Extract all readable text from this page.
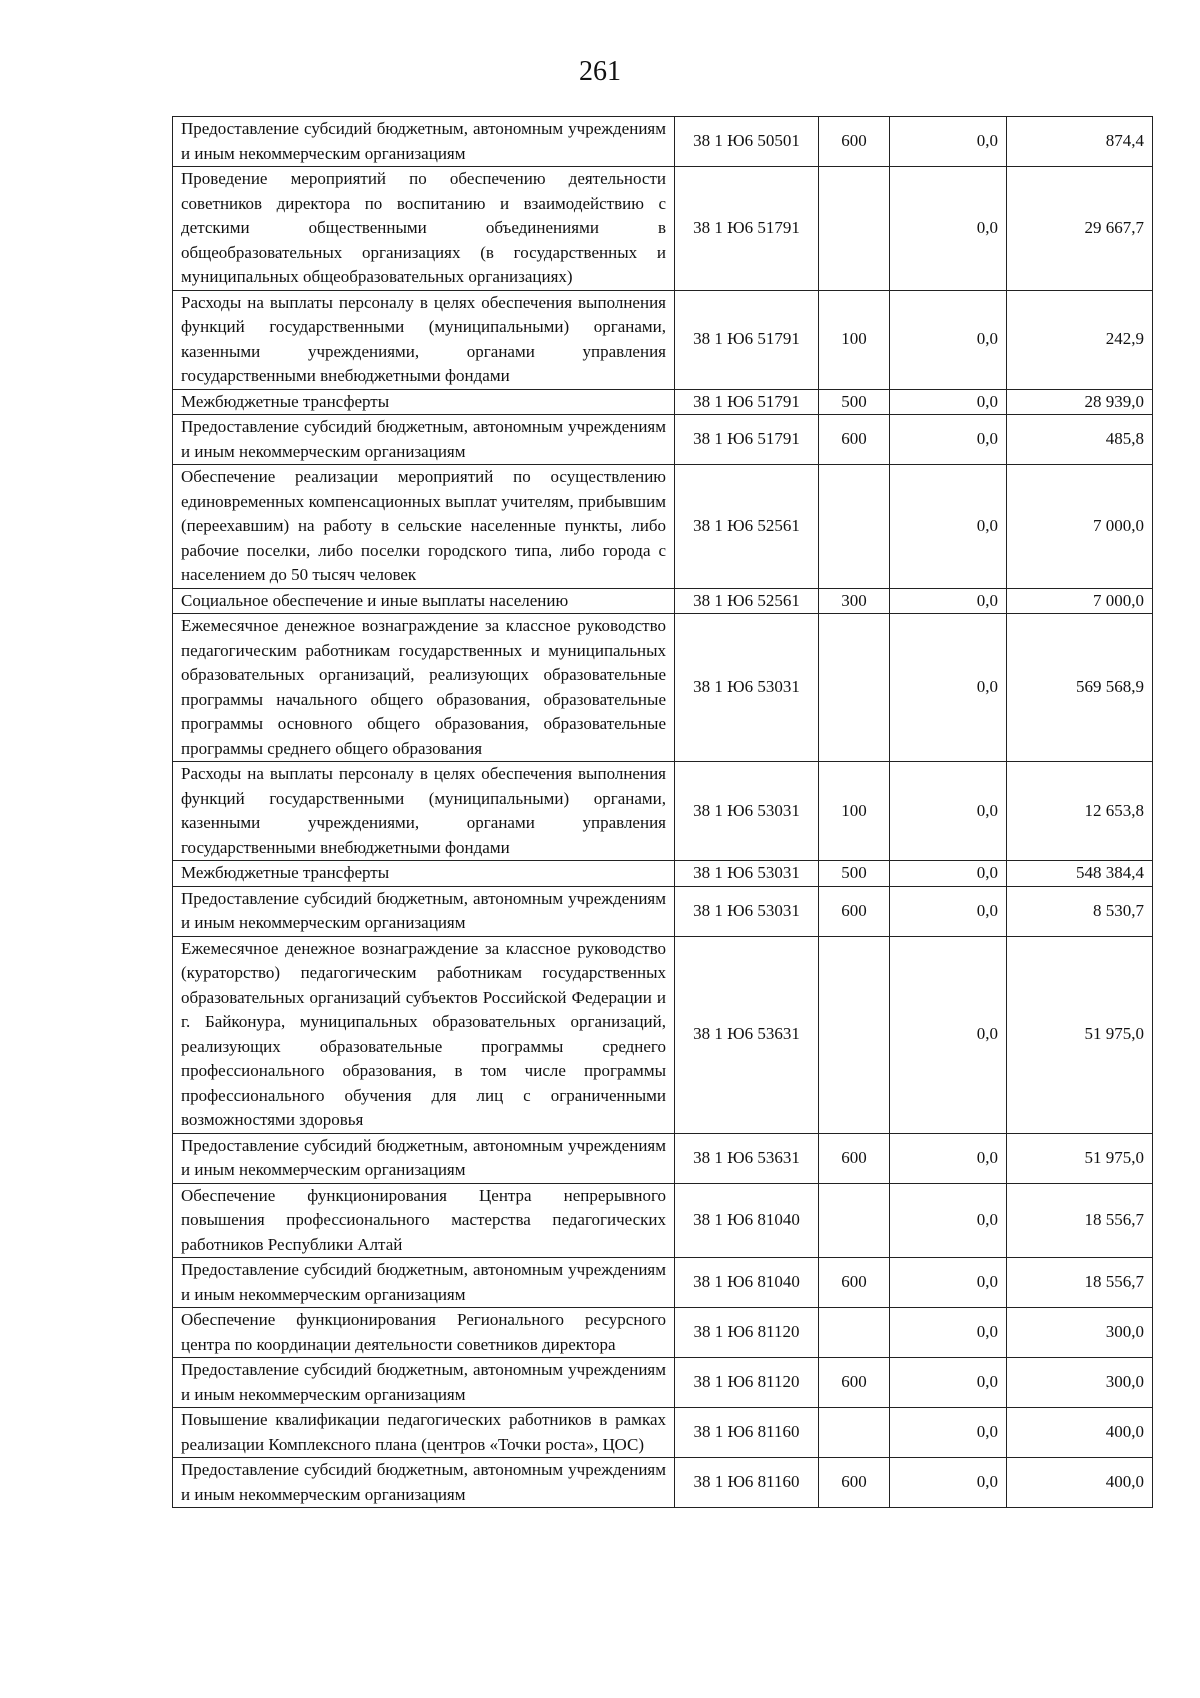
261
Предоставление субсидий бюджетным, автономным учреждениям и иным некоммерческим организациям	38 1 Ю6 50501	600	0,0	874,4
Проведение мероприятий по обеспечению деятельности советников директора по воспитанию и взаимодействию с детскими общественными объединениями в общеобразовательных организациях (в государственных и муниципальных общеобразовательных организациях)	38 1 Ю6 51791		0,0	29 667,7
Расходы на выплаты персоналу в целях обеспечения выполнения функций государственными (муниципальными) органами, казенными учреждениями, органами управления государственными внебюджетными фондами	38 1 Ю6 51791	100	0,0	242,9
Межбюджетные трансферты	38 1 Ю6 51791	500	0,0	28 939,0
Предоставление субсидий бюджетным, автономным учреждениям и иным некоммерческим организациям	38 1 Ю6 51791	600	0,0	485,8
Обеспечение реализации мероприятий по осуществлению единовременных компенсационных выплат учителям, прибывшим (переехавшим) на работу в сельские населенные пункты, либо рабочие поселки, либо поселки городского типа, либо города с населением до 50 тысяч человек	38 1 Ю6 52561		0,0	7 000,0
Социальное обеспечение и иные выплаты населению	38 1 Ю6 52561	300	0,0	7 000,0
Ежемесячное денежное вознаграждение за классное руководство педагогическим работникам государственных и муниципальных образовательных организаций, реализующих образовательные программы начального общего образования, образовательные программы основного общего образования, образовательные программы среднего общего образования	38 1 Ю6 53031		0,0	569 568,9
Расходы на выплаты персоналу в целях обеспечения выполнения функций государственными (муниципальными) органами, казенными учреждениями, органами управления государственными внебюджетными фондами	38 1 Ю6 53031	100	0,0	12 653,8
Межбюджетные трансферты	38 1 Ю6 53031	500	0,0	548 384,4
Предоставление субсидий бюджетным, автономным учреждениям и иным некоммерческим организациям	38 1 Ю6 53031	600	0,0	8 530,7
Ежемесячное денежное вознаграждение за классное руководство (кураторство) педагогическим работникам государственных образовательных организаций субъектов Российской Федерации и г. Байконура, муниципальных образовательных организаций, реализующих образовательные программы среднего профессионального образования, в том числе программы профессионального обучения для лиц с ограниченными возможностями здоровья	38 1 Ю6 53631		0,0	51 975,0
Предоставление субсидий бюджетным, автономным учреждениям и иным некоммерческим организациям	38 1 Ю6 53631	600	0,0	51 975,0
Обеспечение функционирования Центра непрерывного повышения профессионального мастерства педагогических работников Республики Алтай	38 1 Ю6 81040		0,0	18 556,7
Предоставление субсидий бюджетным, автономным учреждениям и иным некоммерческим организациям	38 1 Ю6 81040	600	0,0	18 556,7
Обеспечение функционирования Регионального ресурсного центра по координации деятельности советников директора	38 1 Ю6 81120		0,0	300,0
Предоставление субсидий бюджетным, автономным учреждениям и иным некоммерческим организациям	38 1 Ю6 81120	600	0,0	300,0
Повышение квалификации педагогических работников в рамках реализации Комплексного плана (центров «Точки роста», ЦОС)	38 1 Ю6 81160		0,0	400,0
Предоставление субсидий бюджетным, автономным учреждениям и иным некоммерческим организациям	38 1 Ю6 81160	600	0,0	400,0
